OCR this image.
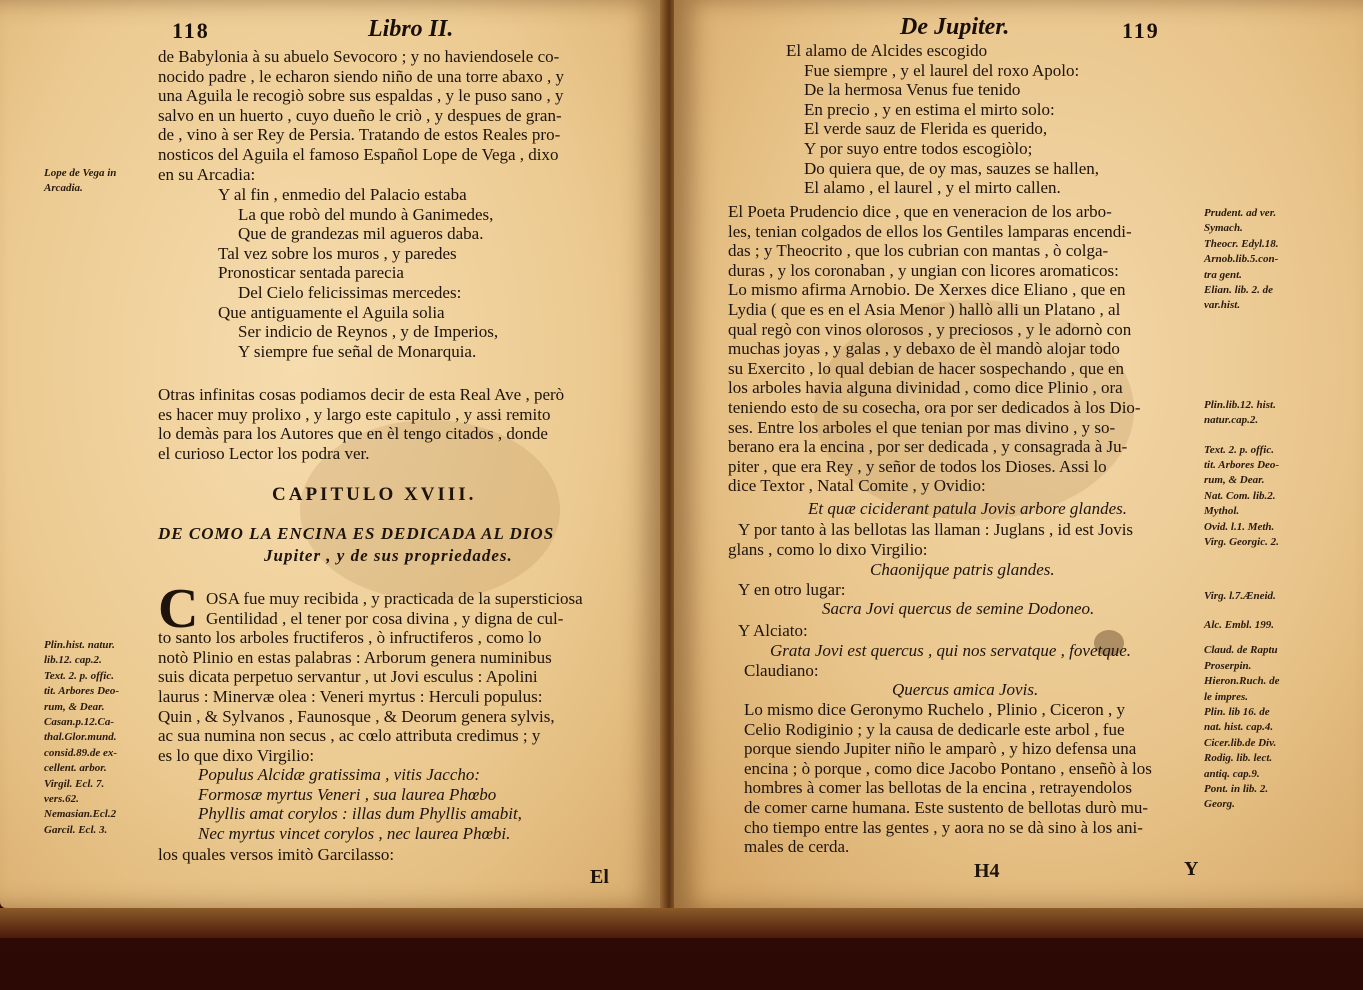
118	Libro II.
de Babylonia à su abuelo Sevocoro ; y no haviendosele co-
nocido padre , le echaron siendo niño de una torre abaxo , y
una Aguila le recogiò sobre sus espaldas , y le puso sano , y
salvo en un huerto , cuyo dueño le criò , y despues de gran-
de , vino à ser Rey de Persia. Tratando de estos Reales pro-
nosticos del Aguila el famoso Español Lope de Vega , dixo
en su Arcadia:
Y al fin , enmedio del Palacio estaba
La que robò del mundo à Ganimedes,
Que de grandezas mil agueros daba.
Tal vez sobre los muros , y paredes
Pronosticar sentada parecia
Del Cielo felicissimas mercedes:
Que antiguamente el Aguila solia
Ser indicio de Reynos , y de Imperios,
Y siempre fue señal de Monarquia.
Otras infinitas cosas podiamos decir de esta Real Ave , però
es hacer muy prolixo , y largo este capitulo , y assi remito
lo demàs para los Autores que en èl tengo citados , donde
el curioso Lector los podra ver.
CAPITULO XVIII.
DE COMO LA ENCINA ES DEDICADA AL DIOS
Jupiter , y de sus propriedades.
C OSA fue muy recibida , y practicada de la supersticiosa
Gentilidad , el tener por cosa divina , y digna de cul-
to santo los arboles fructiferos , ò infructiferos , como lo
notò Plinio en estas palabras : Arborum genera numinibus
suis dicata perpetuo servantur , ut Jovi esculus : Apolini
laurus : Minervæ olea : Veneri myrtus : Herculi populus:
Quin , & Sylvanos , Faunosque , & Deorum genera sylvis,
ac sua numina non secus , ac cœlo attributa credimus ; y
es lo que dixo Virgilio:
Populus Alcidæ gratissima , vitis Jaccho:
Formosæ myrtus Veneri , sua laurea Phœbo
Phyllis amat corylos : illas dum Phyllis amabit,
Nec myrtus vincet corylos , nec laurea Phœbi.
los quales versos imitò Garcilasso:
El
Lope de Vega in
Arcadia.
Plin.hist. natur.
lib.12. cap.2.
Text. 2. p. offic.
tit. Arbores Deo-
rum, & Dear.
Casan.p.12.Ca-
thal.Glor.mund.
consid.89.de ex-
cellent. arbor.
Virgil. Ecl. 7.
vers.62.
Nemasian.Ecl.2
Garcil. Ecl. 3.
De Jupiter.	119
El alamo de Alcides escogido
Fue siempre , y el laurel del roxo Apolo:
De la hermosa Venus fue tenido
En precio , y en estima el mirto solo:
El verde sauz de Flerida es querido,
Y por suyo entre todos escogiòlo;
Do quiera que, de oy mas, sauzes se hallen,
El alamo , el laurel , y el mirto callen.
El Poeta Prudencio dice , que en veneracion de los arbo-
les, tenian colgados de ellos los Gentiles lamparas encendi-
das ; y Theocrito , que los cubrian con mantas , ò colga-
duras , y los coronaban , y ungian con licores aromaticos:
Lo mismo afirma Arnobio. De Xerxes dice Eliano , que en
Lydia ( que es en el Asia Menor ) hallò alli un Platano , al
qual regò con vinos olorosos , y preciosos , y le adornò con
muchas joyas , y galas , y debaxo de èl mandò alojar todo
su Exercito , lo qual debian de hacer sospechando , que en
los arboles havia alguna divinidad , como dice Plinio , ora
teniendo esto de su cosecha, ora por ser dedicados à los Dio-
ses. Entre los arboles el que tenian por mas divino , y so-
berano era la encina , por ser dedicada , y consagrada à Ju-
piter , que era Rey , y señor de todos los Dioses. Assi lo
dice Textor , Natal Comite , y Ovidio:
Et quæ ciciderant patula Jovis arbore glandes.
Y por tanto à las bellotas las llaman : Juglans , id est Jovis
glans , como lo dixo Virgilio:
Chaonijque patris glandes.
Y en otro lugar:
Sacra Jovi quercus de semine Dodoneo.
Y Alciato:
Grata Jovi est quercus , qui nos servatque , fovetque.
Claudiano:
Quercus amica Jovis.
Lo mismo dice Geronymo Ruchelo , Plinio , Ciceron , y
Celio Rodiginio ; y la causa de dedicarle este arbol , fue
porque siendo Jupiter niño le amparò , y hizo defensa una
encina ; ò porque , como dice Jacobo Pontano , enseñò à los
hombres à comer las bellotas de la encina , retrayendolos
de comer carne humana. Este sustento de bellotas durò mu-
cho tiempo entre las gentes , y aora no se dà sino à los ani-
males de cerda.
H4	Y
Prudent. ad ver.
Symach.
Theocr. Edyl.18.
Arnob.lib.5.con-
tra gent.
Elian. lib. 2. de
var.hist.
Plin.lib.12. hist.
natur.cap.2.
Text. 2. p. offic.
tit. Arbores Deo-
rum, & Dear.
Nat. Com. lib.2.
Mythol.
Ovid. l.1. Meth.
Virg. Georgic. 2.
Virg. l.7.Æneid.
Alc. Embl. 199.
Claud. de Raptu
Proserpin.
Hieron.Ruch. de
le impres.
Plin. lib 16. de
nat. hist. cap.4.
Cicer.lib.de Div.
Rodig. lib. lect.
antiq. cap.9.
Pont. in lib. 2.
Georg.
